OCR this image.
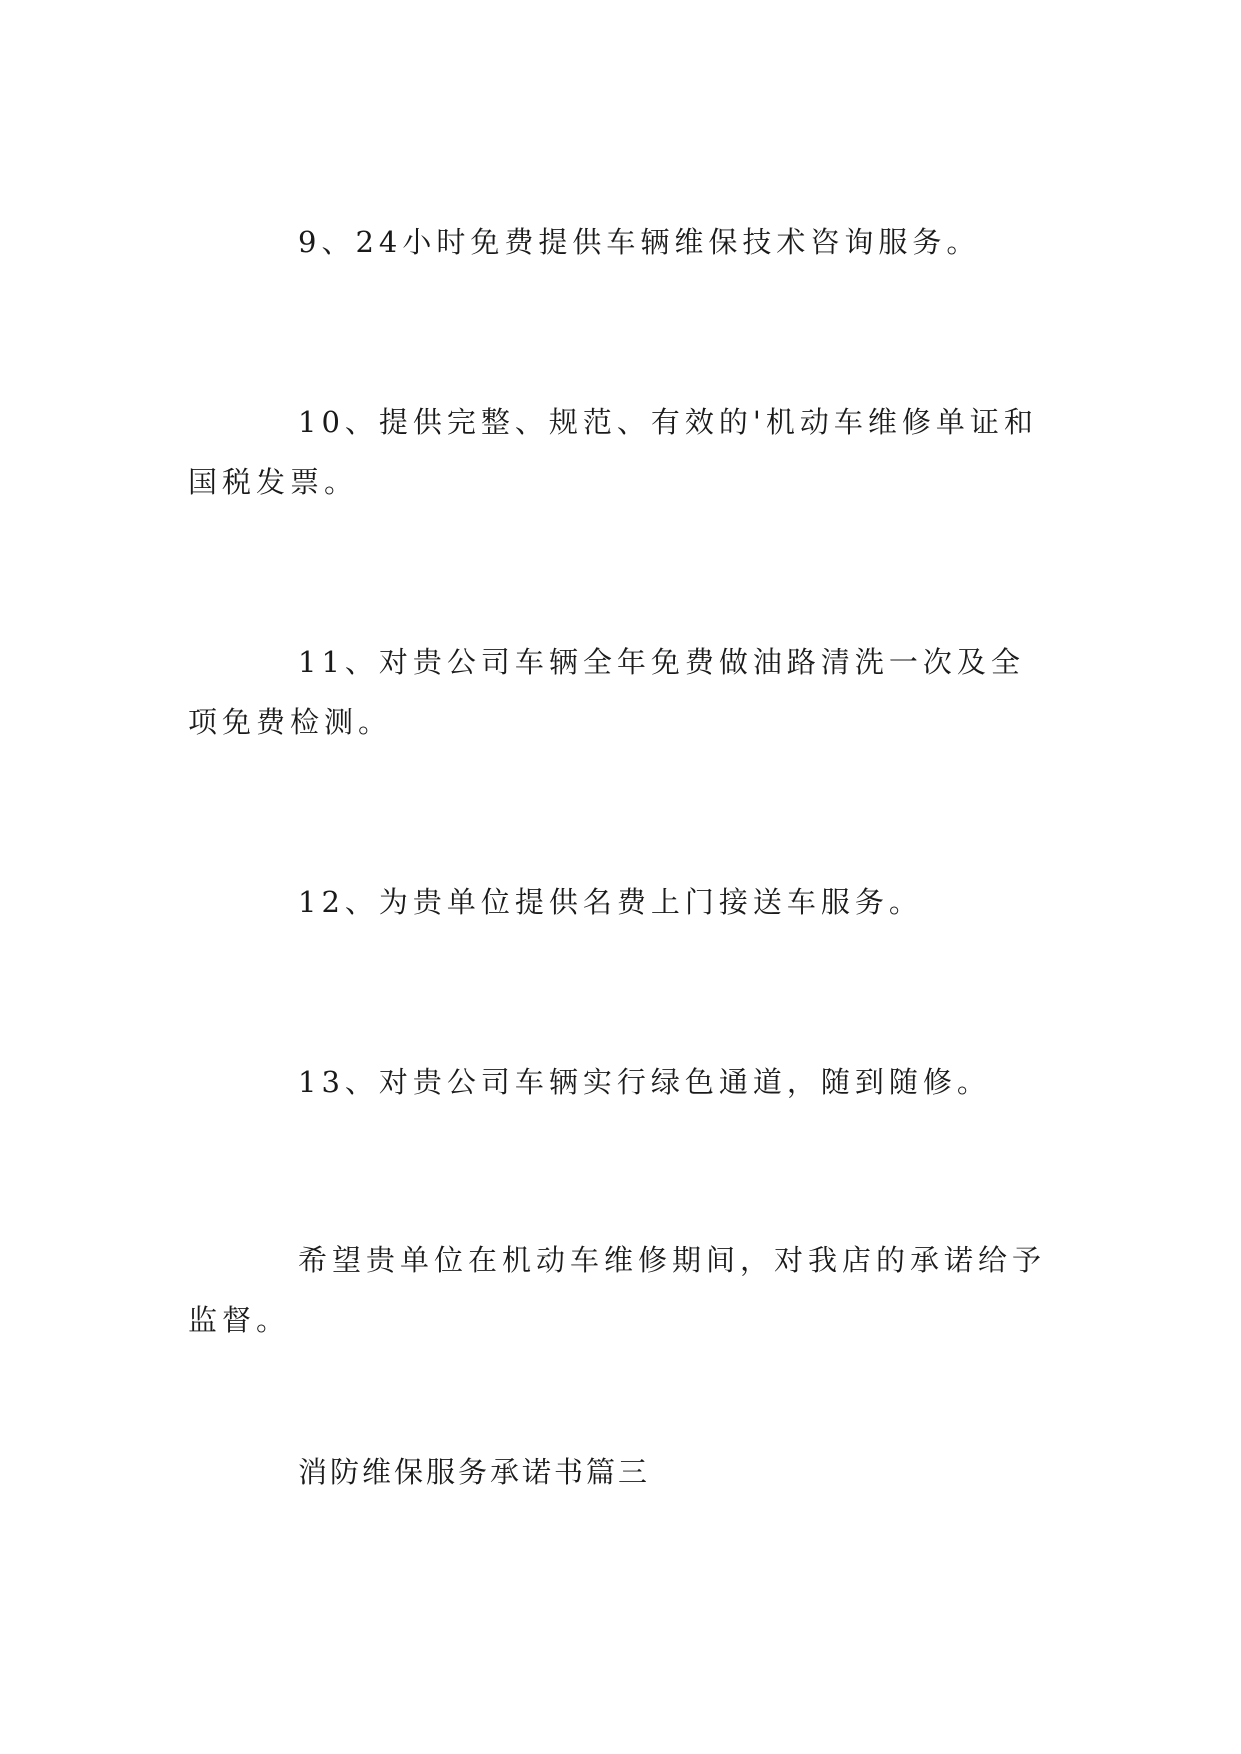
9、24小时免费提供车辆维保技术咨询服务。

10、提供完整、规范、有效的'机动车维修单证和国税发票。

11、对贵公司车辆全年免费做油路清洗一次及全项免费检测。

12、为贵单位提供名费上门接送车服务。

13、对贵公司车辆实行绿色通道，随到随修。

希望贵单位在机动车维修期间，对我店的承诺给予监督。

消防维保服务承诺书篇三
